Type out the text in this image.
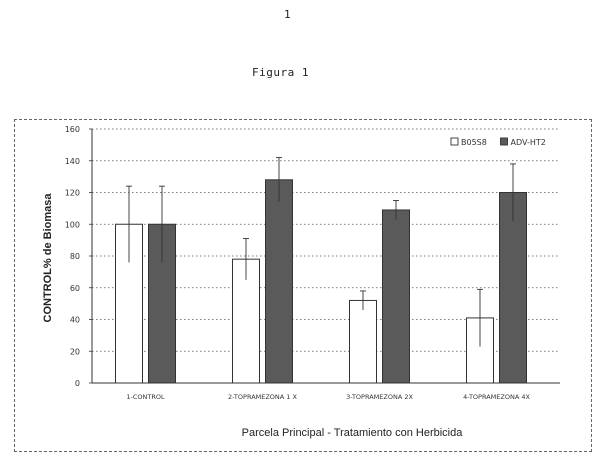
1
Figura 1
0
20
40
60
80
100
120
140
160
1-CONTROL	2-TOPRAMEZONA 1 X	3-TOPRAMEZONA 2X	4-TOPRAMEZONA 4X
B05S8	ADV-HT2
CONTROL% de Biomasa
Parcela Principal - Tratamiento con Herbicida
